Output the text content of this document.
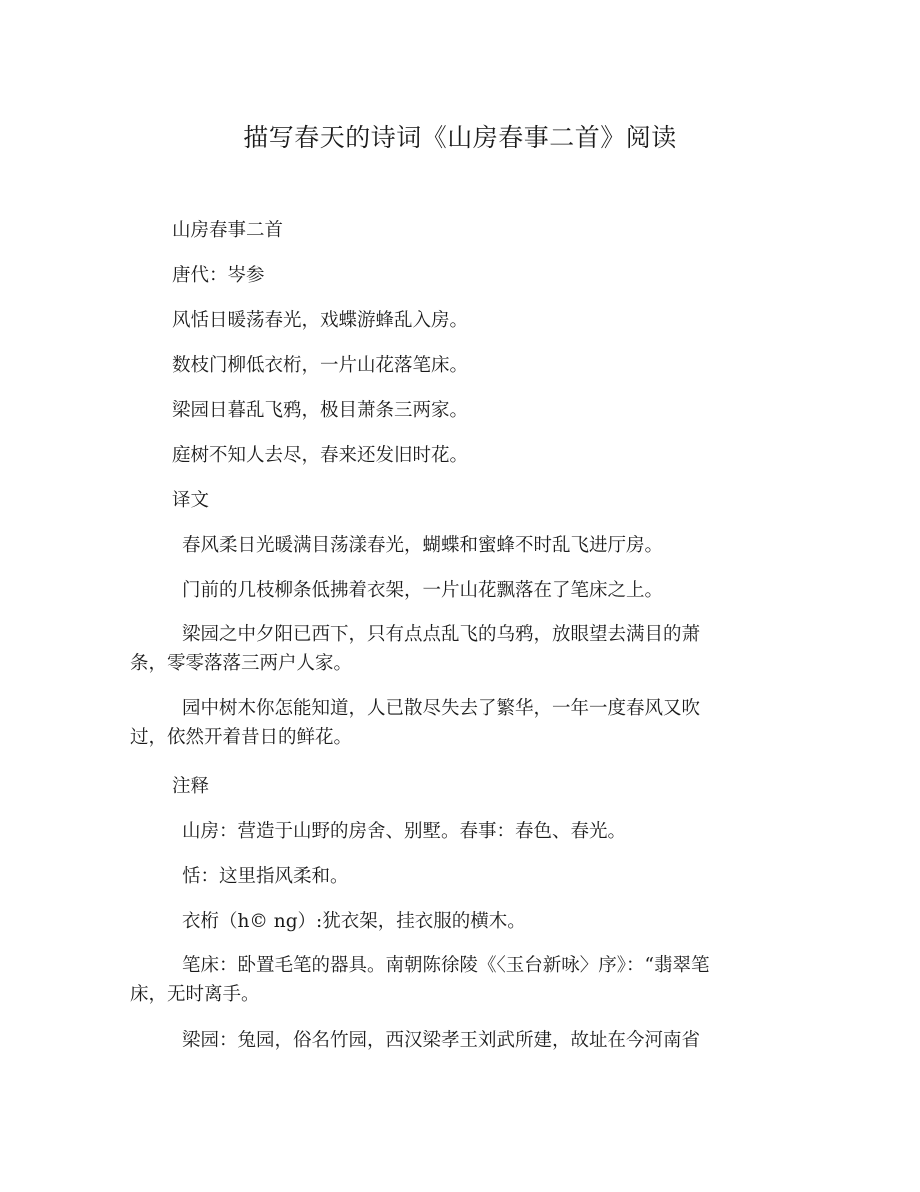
描写春天的诗词《山房春事二首》阅读
山房春事二首
唐代：岑参
风恬日暖荡春光，戏蝶游蜂乱入房。
数枝门柳低衣桁，一片山花落笔床。
梁园日暮乱飞鸦，极目萧条三两家。
庭树不知人去尽，春来还发旧时花。
译文
春风柔日光暖满目荡漾春光，蝴蝶和蜜蜂不时乱飞进厅房。
门前的几枝柳条低拂着衣架，一片山花飘落在了笔床之上。
梁园之中夕阳已西下，只有点点乱飞的乌鸦，放眼望去满目的萧条，零零落落三两户人家。
园中树木你怎能知道，人已散尽失去了繁华，一年一度春风又吹过，依然开着昔日的鲜花。
注释
山房：营造于山野的房舍、别墅。春事：春色、春光。
恬：这里指风柔和。
衣桁（h© ng）:犹衣架，挂衣服的横木。
笔床：卧置毛笔的器具。南朝陈徐陵《〈玉台新咏〉序》：“翡翠笔床，无时离手。
梁园：兔园，俗名竹园，西汉梁孝王刘武所建，故址在今河南省
